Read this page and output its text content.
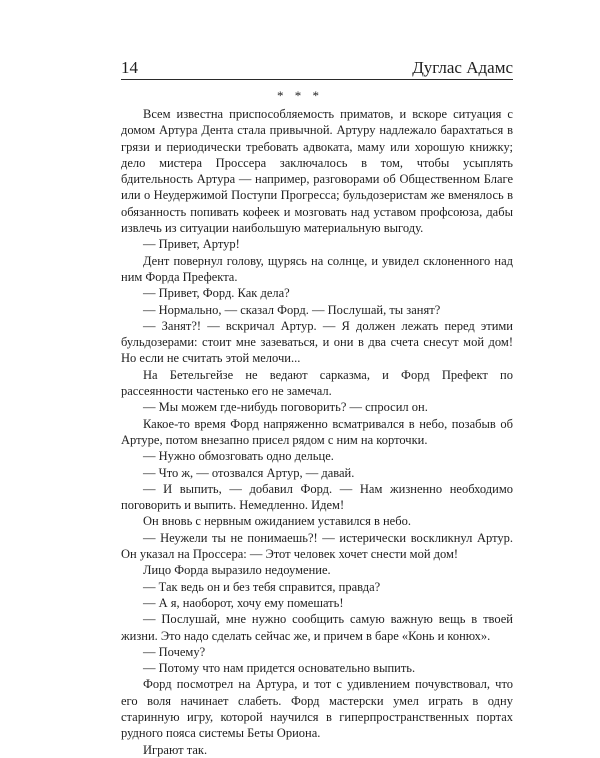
14	Дуглас Адамс
* * *

Всем известна приспособляемость приматов, и вскоре ситуация с домом Артура Дента стала привычной. Артуру надлежало барахтаться в грязи и периодически требовать адвоката, маму или хорошую книжку; дело мистера Проссера заключалось в том, чтобы усыплять бдительность Артура — например, разговорами об Общественном Благе или о Неудержимой Поступи Прогресса; бульдозеристам же вменялось в обязанность попивать кофеек и мозговать над уставом профсоюза, дабы извлечь из ситуации наибольшую материальную выгоду.

— Привет, Артур!

Дент повернул голову, щурясь на солнце, и увидел склоненного над ним Форда Префекта.

— Привет, Форд. Как дела?

— Нормально, — сказал Форд. — Послушай, ты занят?

— Занят?! — вскричал Артур. — Я должен лежать перед этими бульдозерами: стоит мне зазеваться, и они в два счета снесут мой дом! Но если не считать этой мелочи...

На Бетельгейзе не ведают сарказма, и Форд Префект по рассеянности частенько его не замечал.

— Мы можем где-нибудь поговорить? — спросил он.

Какое-то время Форд напряженно всматривался в небо, позабыв об Артуре, потом внезапно присел рядом с ним на корточки.

— Нужно обмозговать одно дельце.

— Что ж, — отозвался Артур, — давай.

— И выпить, — добавил Форд. — Нам жизненно необходимо поговорить и выпить. Немедленно. Идем!

Он вновь с нервным ожиданием уставился в небо.

— Неужели ты не понимаешь?! — истерически воскликнул Артур. Он указал на Проссера: — Этот человек хочет снести мой дом!

Лицо Форда выразило недоумение.

— Так ведь он и без тебя справится, правда?

— А я, наоборот, хочу ему помешать!

— Послушай, мне нужно сообщить самую важную вещь в твоей жизни. Это надо сделать сейчас же, и причем в баре «Конь и конюх».

— Почему?

— Потому что нам придется основательно выпить.

Форд посмотрел на Артура, и тот с удивлением почувствовал, что его воля начинает слабеть. Форд мастерски умел играть в одну старинную игру, которой научился в гиперпространственных портах рудного пояса системы Беты Ориона.

Играют так.
